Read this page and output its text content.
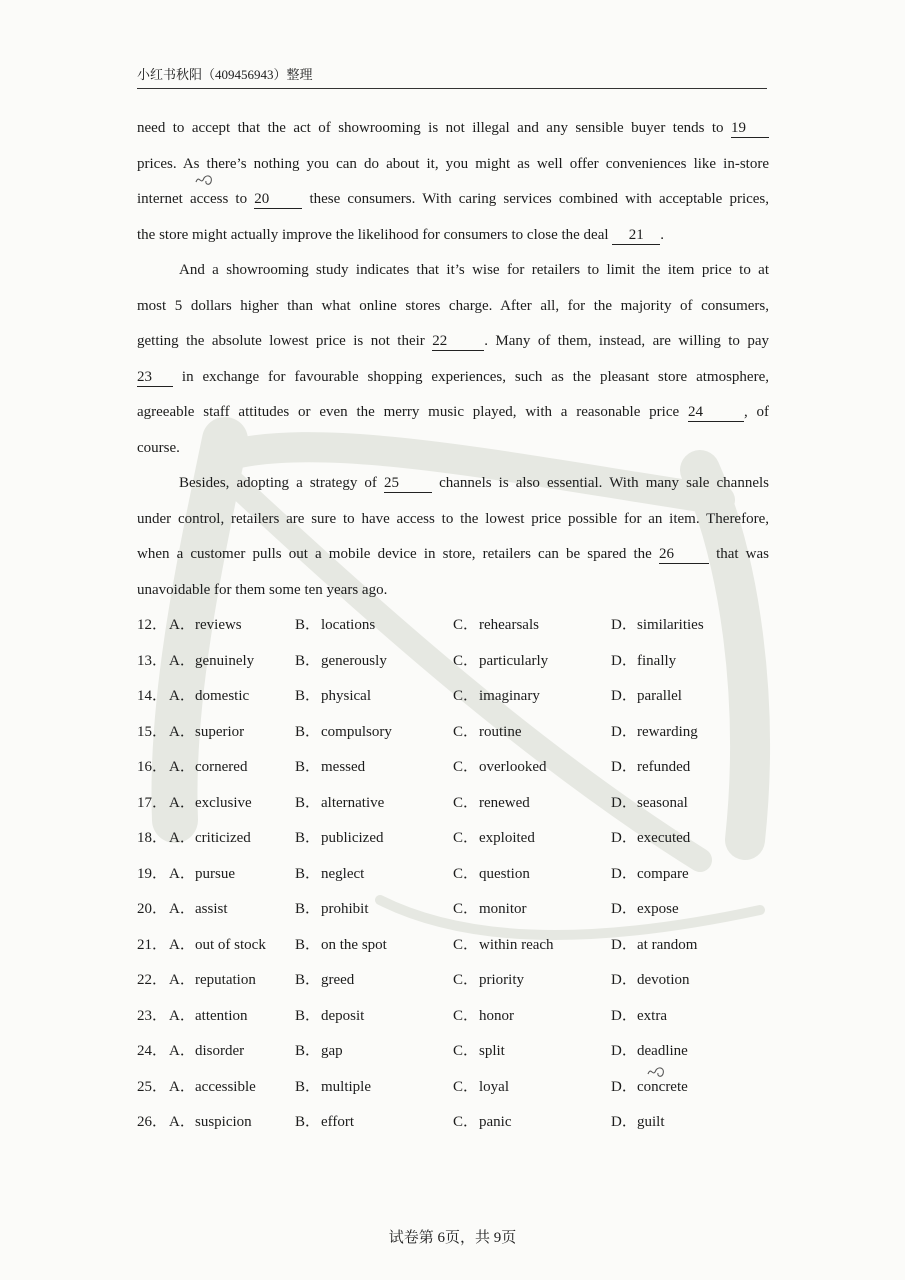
小红书秋阳（409456943）整理
need to accept that the act of showrooming is not illegal and any sensible buyer tends to 19
prices. As there’s nothing you can do about it, you might as well offer conveniences like in-store
internet access to 20	these consumers. With caring services combined with acceptable prices,
the store might actually improve the likelihood for consumers to close the deal 21 .
And a showrooming study indicates that it’s wise for retailers to limit the item price to at
most 5 dollars higher than what online stores charge. After all, for the majority of consumers,
getting the absolute lowest price is not their 22 . Many of them, instead, are willing to pay
23 in exchange for favourable shopping experiences, such as the pleasant store atmosphere,
agreeable staff attitudes or even the merry music played, with a reasonable price 24	, of
course.
Besides, adopting a strategy of 25	channels is also essential. With many sale channels
under control, retailers are sure to have access to the lowest price possible for an item. Therefore,
when a customer pulls out a mobile device in store, retailers can be spared the 26	that was
unavoidable for them some ten years ago.
12． A．reviews	B．locations	C．rehearsals	D．similarities
13． A．genuinely	B．generously	C．particularly	D．finally
14． A．domestic	B．physical	C．imaginary	D．parallel
15． A．superior	B．compulsory	C．routine	D．rewarding
16． A．cornered	B．messed	C．overlooked	D．refunded
17． A．exclusive	B．alternative	C．renewed	D．seasonal
18． A．criticized	B．publicized	C．exploited	D．executed
19． A．pursue	B．neglect	C．question	D．compare
20． A．assist	B．prohibit	C．monitor	D．expose
21． A．out of stock B．on the spot	C．within reach	D．at random
22． A．reputation	B．greed	C．priority	D．devotion
23． A．attention	B．deposit	C．honor	D．extra
24． A．disorder	B．gap	C．split	D．deadline
25． A．accessible	B．multiple	C．loyal	D．concrete
26． A．suspicion	B．effort	C．panic	D．guilt
试卷第 6页，共 9页
